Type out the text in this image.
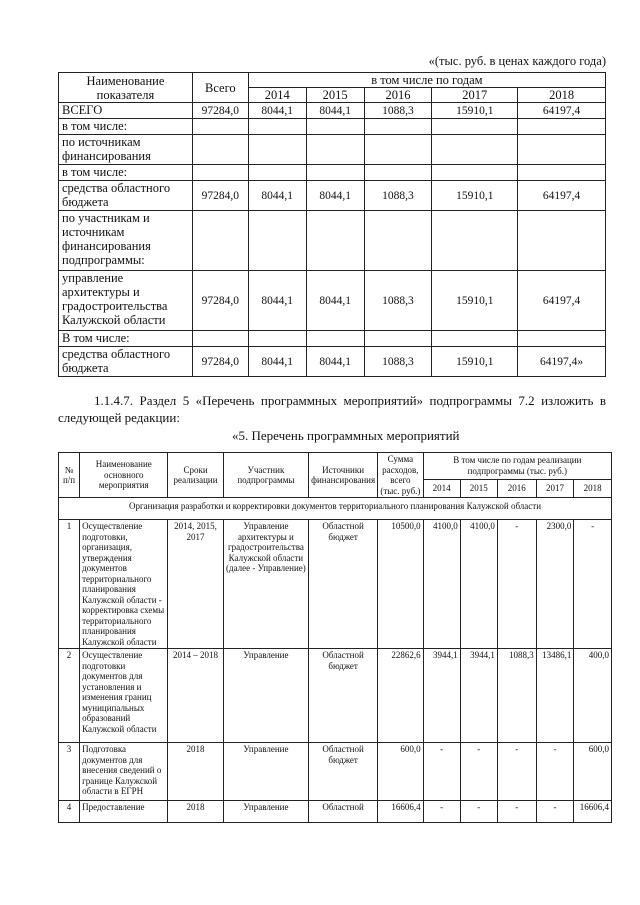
«(тыс. руб. в ценах каждого года)
Наименование показателя	Всего	в том числе по годам				
		2014	2015	2016	2017	2018
ВСЕГО	97284,0	8044,1	8044,1	1088,3	15910,1	64197,4
в том числе:						
по источникам финансирования						
в том числе:						
средства областного бюджета	97284,0	8044,1	8044,1	1088,3	15910,1	64197,4
по участникам и источникам финансирования подпрограммы:						
управление архитектуры и градостроительства Калужской области	97284,0	8044,1	8044,1	1088,3	15910,1	64197,4
В том числе:						
средства областного бюджета	97284,0	8044,1	8044,1	1088,3	15910,1	64197,4»
1.1.4.7. Раздел 5 «Перечень программных мероприятий» подпрограммы 7.2 изложить в следующей редакции:
«5. Перечень программных мероприятий
№ п/п	Наименование основного мероприятия	Сроки реализации	Участник подпрограммы	Источники финансирования	Сумма расходов, всего (тыс. руб.)	В том числе по годам реализации подпрограммы (тыс. руб.)				
						2014	2015	2016	2017	2018
Организация разработки и корректировки документов территориального планирования Калужской области										
1	Осуществление подготовки, организация, утверждения документов территориального планирования Калужской области - корректировка схемы территориального планирования Калужской области	2014, 2015, 2017	Управление архитектуры и градостроительства Калужской области (далее - Управление)	Областной бюджет	10500,0	4100,0	4100,0	-	2300,0	-
2	Осуществление подготовки документов для установления и изменения границ муниципальных образований Калужской области	2014 – 2018	Управление	Областной бюджет	22862,6	3944,1	3944,1	1088,3	13486,1	400,0
3	Подготовка документов для внесения сведений о границе Калужской области в ЕГРН	2018	Управление	Областной бюджет	600,0	-	-	-	-	600,0
4	Предоставление	2018	Управление	Областной	16606,4	-	-	-	-	16606,4
